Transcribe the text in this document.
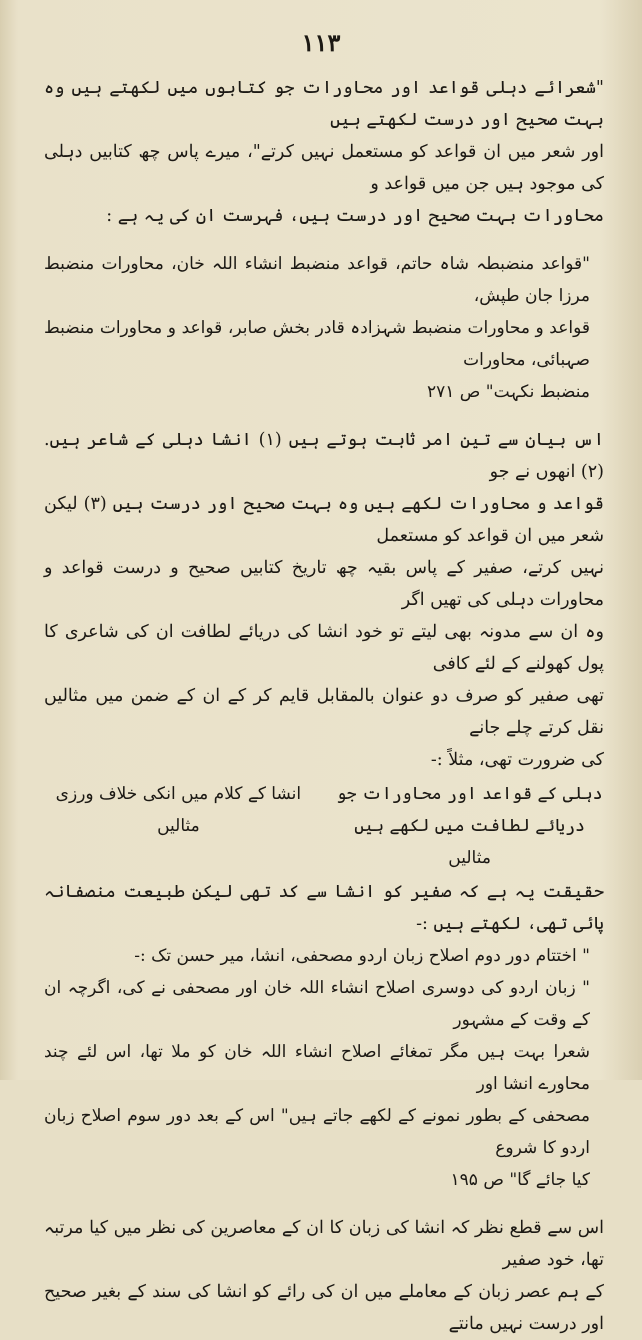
۱۱۳

"شعرائے دہلی قواعد اور محاورات جو کتابوں میں لکھتے ہیں وہ بہت صحیح اور درست لکھتے ہیں
اور شعر میں ان قواعد کو مستعمل نہیں کرتے"، میرے پاس چھ کتابیں دہلی کی موجود ہیں جن میں قواعد و
محاورات بہت صحیح اور درست ہیں، فہرست ان کی یہ ہے :

"قواعد منضبطہ شاہ حاتم، قواعد منضبط انشاء اللہ خان، محاورات منضبط مرزا جان طپش،
قواعد و محاورات منضبط شہزادہ قادر بخش صابر، قواعد و محاورات منضبط صہبائی، محاورات
منضبط نکہت" ص ۲۷۱

اس بیان سے تین امر ثابت ہوتے ہیں (۱) انشا دہلی کے شاعر ہیں. (۲) انھوں نے جو
قواعد و محاورات لکھے ہیں وہ بہت صحیح اور درست ہیں (۳) لیکن شعر میں ان قواعد کو مستعمل
نہیں کرتے، صفیر کے پاس بقیہ چھ تاریخ کتابیں صحیح و درست قواعد و محاورات دہلی کی تھیں اگر
وہ ان سے مدونہ بھی لیتے تو خود انشا کی دریائے لطافت ان کی شاعری کا پول کھولنے کے لئے کافی
تھی صفیر کو صرف دو عنوان بالمقابل قایم کر کے ان کے ضمن میں مثالیں نقل کرتے چلے جانے
کی ضرورت تھی، مثلاً :-

دہلی کے قواعد اور محاورات جو دریائے لطافت میں لکھے ہیں
مثالیں
انشا کے کلام میں انکی خلاف ورزی
مثالیں

حقیقت یہ ہے کہ صفیر کو انشا سے کد تھی لیکن طبیعت منصفانہ پائی تھی، لکھتے ہیں :-

" اختتام دور دوم اصلاح زبان اردو مصحفی، انشا، میر حسن تک :-
" زبان اردو کی دوسری اصلاح انشاء اللہ خان اور مصحفی نے کی، اگرچہ ان کے وقت کے مشہور
شعرا بہت ہیں مگر تمغائے اصلاح انشاء اللہ خان کو ملا تھا، اس لئے چند محاورے انشا اور
مصحفی کے بطور نمونے کے لکھے جاتے ہیں" اس کے بعد دور سوم اصلاح زبان اردو کا شروع
کیا جائے گا" ص ۱۹۵

اس سے قطع نظر کہ انشا کی زبان کا ان کے معاصرین کی نظر میں کیا مرتبہ تھا، خود صفیر
کے ہم عصر زبان کے معاملے میں ان کی رائے کو انشا کی سند کے بغیر صحیح اور درست نہیں مانتے
